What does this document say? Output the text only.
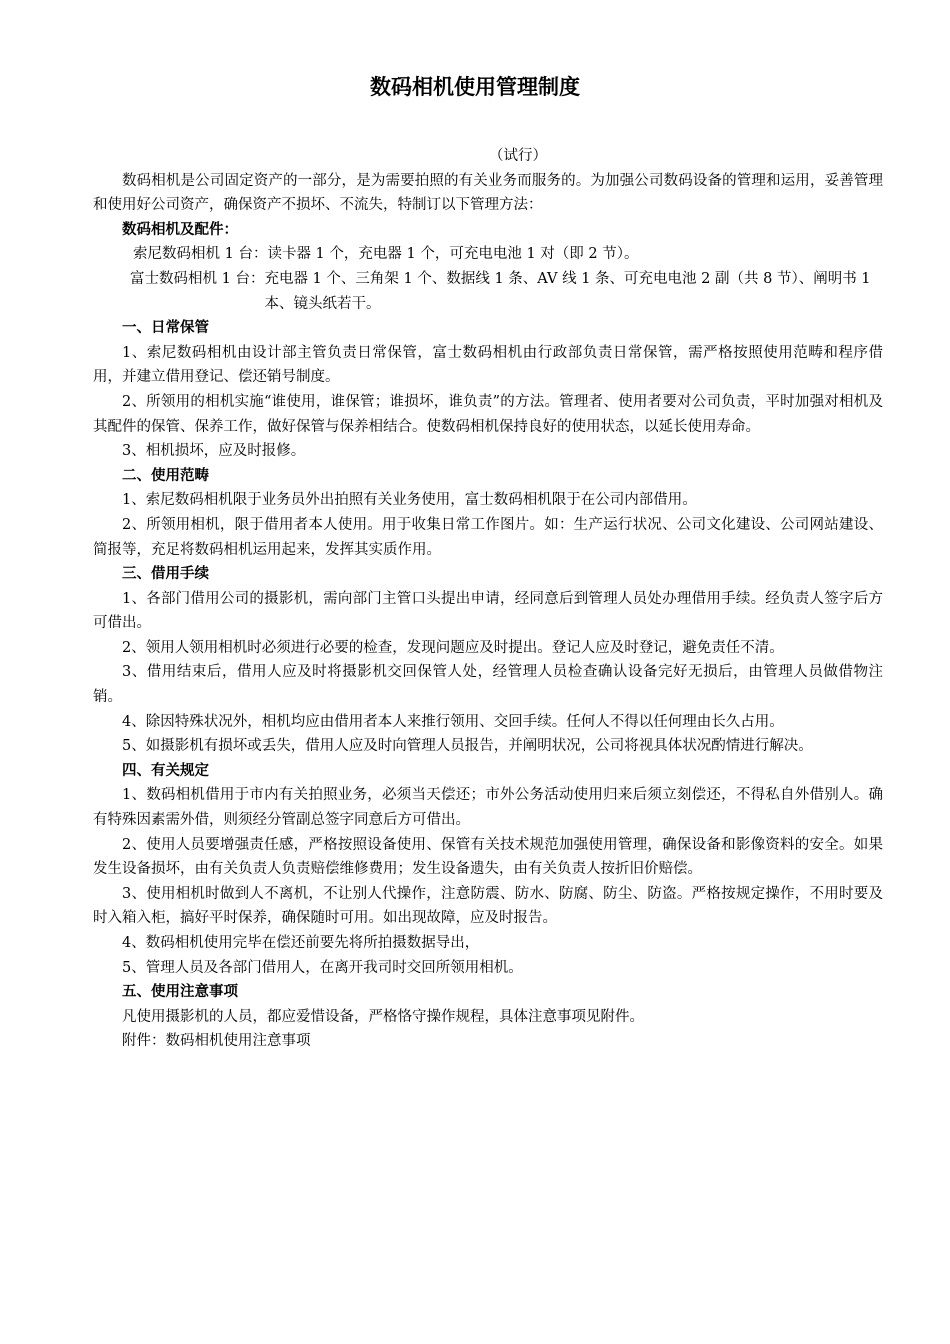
数码相机使用管理制度
（试行）
数码相机是公司固定资产的一部分，是为需要拍照的有关业务而服务的。为加强公司数码设备的管理和运用，妥善管理和使用好公司资产，确保资产不损坏、不流失，特制订以下管理方法：
数码相机及配件：
索尼数码相机 1 台： 读卡器 1 个，充电器 1 个，可充电电池 1 对（即 2 节）。
富士数码相机 1 台： 充电器 1 个、三角架 1 个、数据线 1 条、AV 线 1 条、可充电电池 2 副（共 8 节）、阐明书 1 本、镜头纸若干。
一、日常保管
1、索尼数码相机由设计部主管负责日常保管，富士数码相机由行政部负责日常保管，需严格按照使用范畴和程序借用，并建立借用登记、偿还销号制度。
2、所领用的相机实施“谁使用，谁保管；谁损坏，谁负责”的方法。管理者、使用者要对公司负责，平时加强对相机及其配件的保管、保养工作，做好保管与保养相结合。使数码相机保持良好的使用状态，以延长使用寿命。
3、相机损坏，应及时报修。
二、使用范畴
1、索尼数码相机限于业务员外出拍照有关业务使用，富士数码相机限于在公司内部借用。
2、所领用相机，限于借用者本人使用。用于收集日常工作图片。如：生产运行状况、公司文化建设、公司网站建设、简报等，充足将数码相机运用起来，发挥其实质作用。
三、借用手续
1、各部门借用公司的摄影机，需向部门主管口头提出申请，经同意后到管理人员处办理借用手续。经负责人签字后方可借出。
2、领用人领用相机时必须进行必要的检查，发现问题应及时提出。登记人应及时登记，避免责任不清。
3、借用结束后，借用人应及时将摄影机交回保管人处，经管理人员检查确认设备完好无损后，由管理人员做借物注销。
4、除因特殊状况外，相机均应由借用者本人来推行领用、交回手续。任何人不得以任何理由长久占用。
5、如摄影机有损坏或丢失，借用人应及时向管理人员报告，并阐明状况，公司将视具体状况酌情进行解决。
四、有关规定
1、数码相机借用于市内有关拍照业务，必须当天偿还；市外公务活动使用归来后须立刻偿还，不得私自外借别人。确有特殊因素需外借，则须经分管副总签字同意后方可借出。
2、使用人员要增强责任感，严格按照设备使用、保管有关技术规范加强使用管理，确保设备和影像资料的安全。如果发生设备损坏，由有关负责人负责赔偿维修费用；发生设备遗失，由有关负责人按折旧价赔偿。
3、使用相机时做到人不离机，不让别人代操作，注意防震、防水、防腐、防尘、防盗。严格按规定操作，不用时要及时入箱入柜，搞好平时保养，确保随时可用。如出现故障，应及时报告。
4、数码相机使用完毕在偿还前要先将所拍摄数据导出，
5、管理人员及各部门借用人，在离开我司时交回所领用相机。
五、使用注意事项
凡使用摄影机的人员，都应爱惜设备，严格恪守操作规程，具体注意事项见附件。
附件：数码相机使用注意事项
